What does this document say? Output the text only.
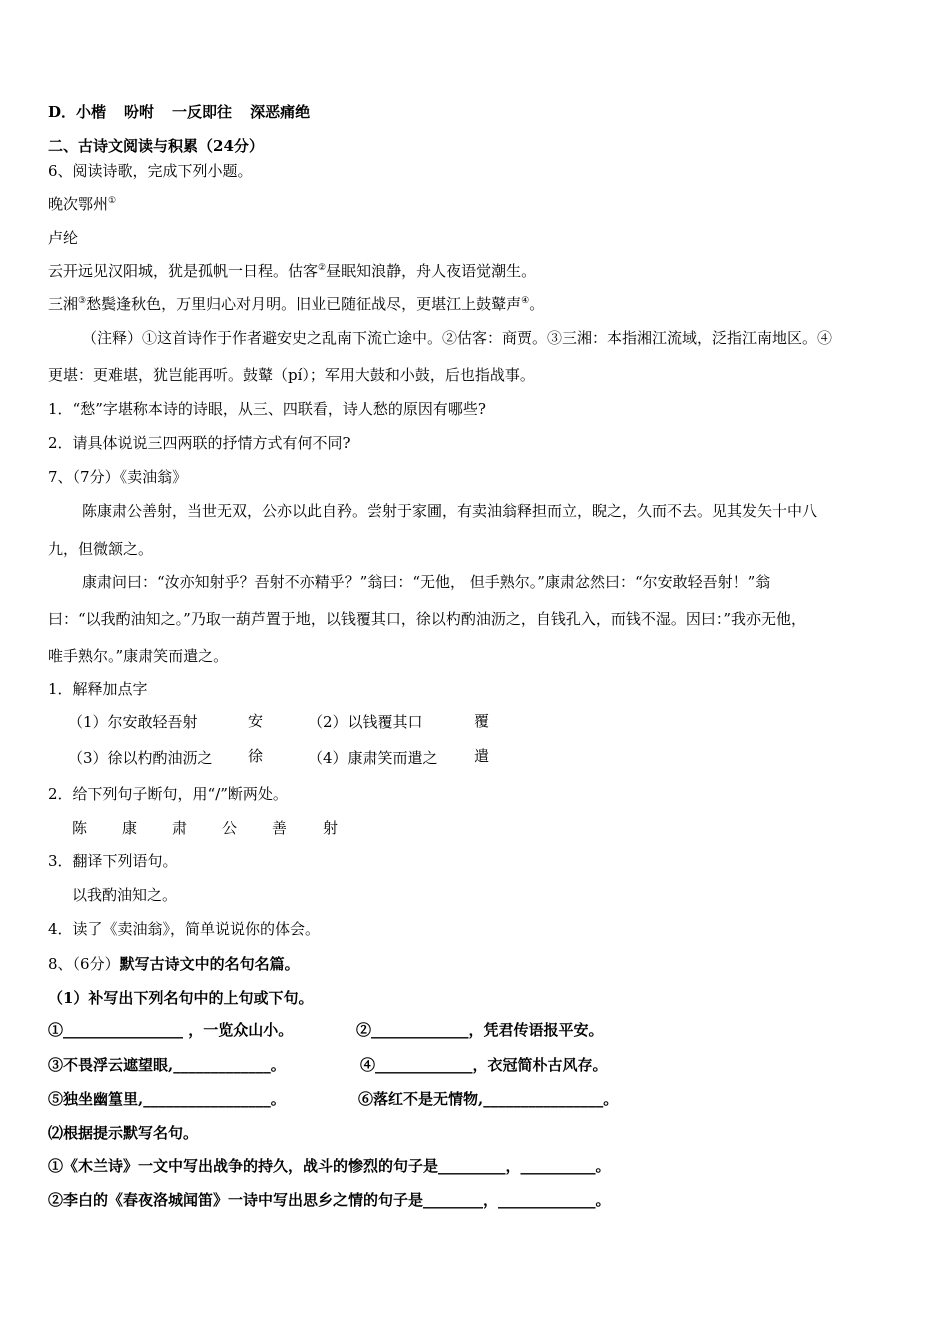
D．小楷 吩咐 一反即往 深恶痛绝
二、古诗文阅读与积累（24分）
6、阅读诗歌，完成下列小题。
晚次鄂州①
卢纶
云开远见汉阳城，犹是孤帆一日程。估客②昼眠知浪静，舟人夜语觉潮生。
三湘③愁鬓逢秋色，万里归心对月明。旧业已随征战尽，更堪江上鼓鼙声④。
（注释）①这首诗作于作者避安史之乱南下流亡途中。②估客：商贾。③三湘：本指湘江流域，泛指江南地区。④
更堪：更难堪，犹岂能再听。鼓鼙（pí）；军用大鼓和小鼓，后也指战事。
1．“愁”字堪称本诗的诗眼，从三、四联看，诗人愁的原因有哪些?
2．请具体说说三四两联的抒情方式有何不同?
7、（7分）《卖油翁》
陈康肃公善射，当世无双，公亦以此自矜。尝射于家圃，有卖油翁释担而立，睨之，久而不去。见其发矢十中八
九，但微颔之。
康肃问曰：“汝亦知射乎？吾射不亦精乎？”翁曰：“无他， 但手熟尔。”康肃忿然曰：“尔安敢轻吾射！”翁
曰：“以我酌油知之。”乃取一葫芦置于地，以钱覆其口，徐以杓酌油沥之，自钱孔入，而钱不湿。因曰：”我亦无他，
唯手熟尔。”康肃笑而遣之。
1．解释加点字
（1）尔安敢轻吾射	安	（2）以钱覆其口	覆
（3）徐以杓酌油沥之 徐	（4）康肃笑而遣之 遣
2．给下列句子断句，用“/”断两处。
陈 康 肃 公 善 射
3．翻译下列语句。
以我酌油知之。
4．读了《卖油翁》，简单说说你的体会。
8、（6分）默写古诗文中的名句名篇。
（1）补写出下列名句中的上句或下句。
①________________ ，一览众山小。	②_____________，凭君传语报平安。
③不畏浮云遮望眼,_____________。	④_____________，衣冠简朴古风存。
⑤独坐幽篁里,_________________。	⑥落红不是无情物,________________。
⑵根据提示默写名句。
①《木兰诗》一文中写出战争的持久，战斗的惨烈的句子是_________，__________。
②李白的《春夜洛城闻笛》一诗中写出思乡之情的句子是________，_____________。
